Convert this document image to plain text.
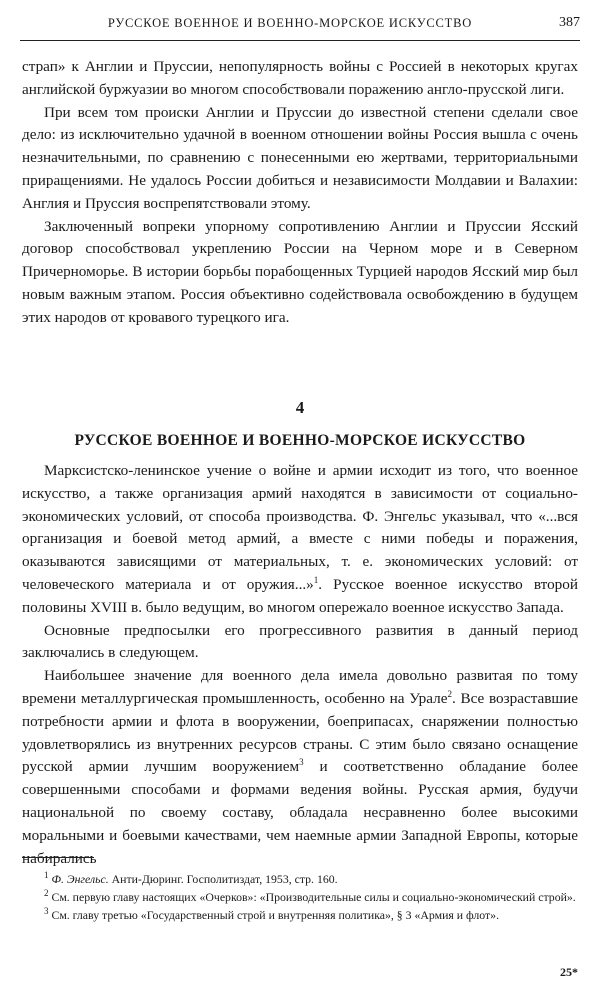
РУССКОЕ ВОЕННОЕ И ВОЕННО-МОРСКОЕ ИСКУССТВО	387

страп» к Англии и Пруссии, непопулярность войны с Россией в некоторых кругах английской буржуазии во многом способствовали поражению англо-прусской лиги.

При всем том происки Англии и Пруссии до известной степени сделали свое дело: из исключительно удачной в военном отношении войны Россия вышла с очень незначительными, по сравнению с понесенными ею жертвами, территориальными приращениями. Не удалось России добиться и независимости Молдавии и Валахии: Англия и Пруссия воспрепятствовали этому.

Заключенный вопреки упорному сопротивлению Англии и Пруссии Ясский договор способствовал укреплению России на Черном море и в Северном Причерноморье. В истории борьбы порабощенных Турцией народов Ясский мир был новым важным этапом. Россия объективно содействовала освобождению в будущем этих народов от кровавого турецкого ига.

4
РУССКОЕ ВОЕННОЕ И ВОЕННО-МОРСКОЕ ИСКУССТВО

Марксистско-ленинское учение о войне и армии исходит из того, что военное искусство, а также организация армий находятся в зависимости от социально-экономических условий, от способа производства. Ф. Энгельс указывал, что «...вся организация и боевой метод армий, а вместе с ними победы и поражения, оказываются зависящими от материальных, т. е. экономических условий: от человеческого материала и от оружия...»$^1$. Русское военное искусство второй половины XVIII в. было ведущим, во многом опережало военное искусство Запада.

Основные предпосылки его прогрессивного развития в данный период заключались в следующем.

Наибольшее значение для военного дела имела довольно развитая по тому времени металлургическая промышленность, особенно на Урале$^2$. Все возраставшие потребности армии и флота в вооружении, боеприпасах, снаряжении полностью удовлетворялись из внутренних ресурсов страны. С этим было связано оснащение русской армии лучшим вооружением$^3$ и соответственно обладание более совершенными способами и формами ведения войны. Русская армия, будучи национальной по своему составу, обладала несравненно более высокими моральными и боевыми качествами, чем наемные армии Западной Европы, которые набирались

$^1$ Ф. Энгельс. Анти-Дюринг. Госполитиздат, 1953, стр. 160.

$^2$ См. первую главу настоящих «Очерков»: «Производительные силы и социально-экономический строй».

$^3$ См. главу третью «Государственный строй и внутренняя политика», § 3 «Армия и флот».

25*
